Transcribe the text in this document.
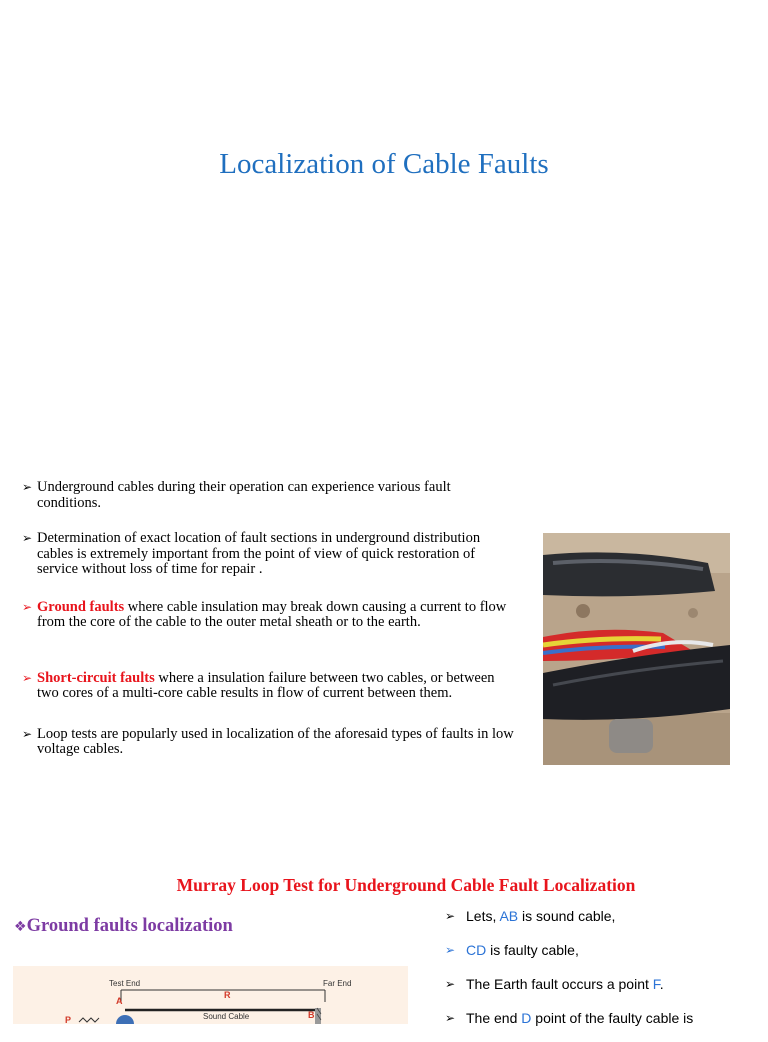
Localization of Cable Faults
➢ Underground cables during their operation can experience various fault conditions.
➢ Determination of exact location of fault sections in underground distribution cables is extremely important from the point of view of quick restoration of service without loss of time for repair .
➢ Ground faults where cable insulation may break down causing a current to flow from the core of the cable to the outer metal sheath or to the earth.
➢ Short-circuit faults where a insulation failure between two cables, or between two cores of a multi-core cable results in flow of current between them.
➢ Loop tests are popularly used in localization of the aforesaid types of faults in low voltage cables.
Murray Loop Test for Underground Cable Fault Localization
❖Ground faults localization	➢ Lets, AB is sound cable,
➢ CD is faulty cable,
➢ The Earth fault occurs a point F.
➢ The end D point of the faulty cable is
Test End	Far End
R
A
Sound Cable	B
P
